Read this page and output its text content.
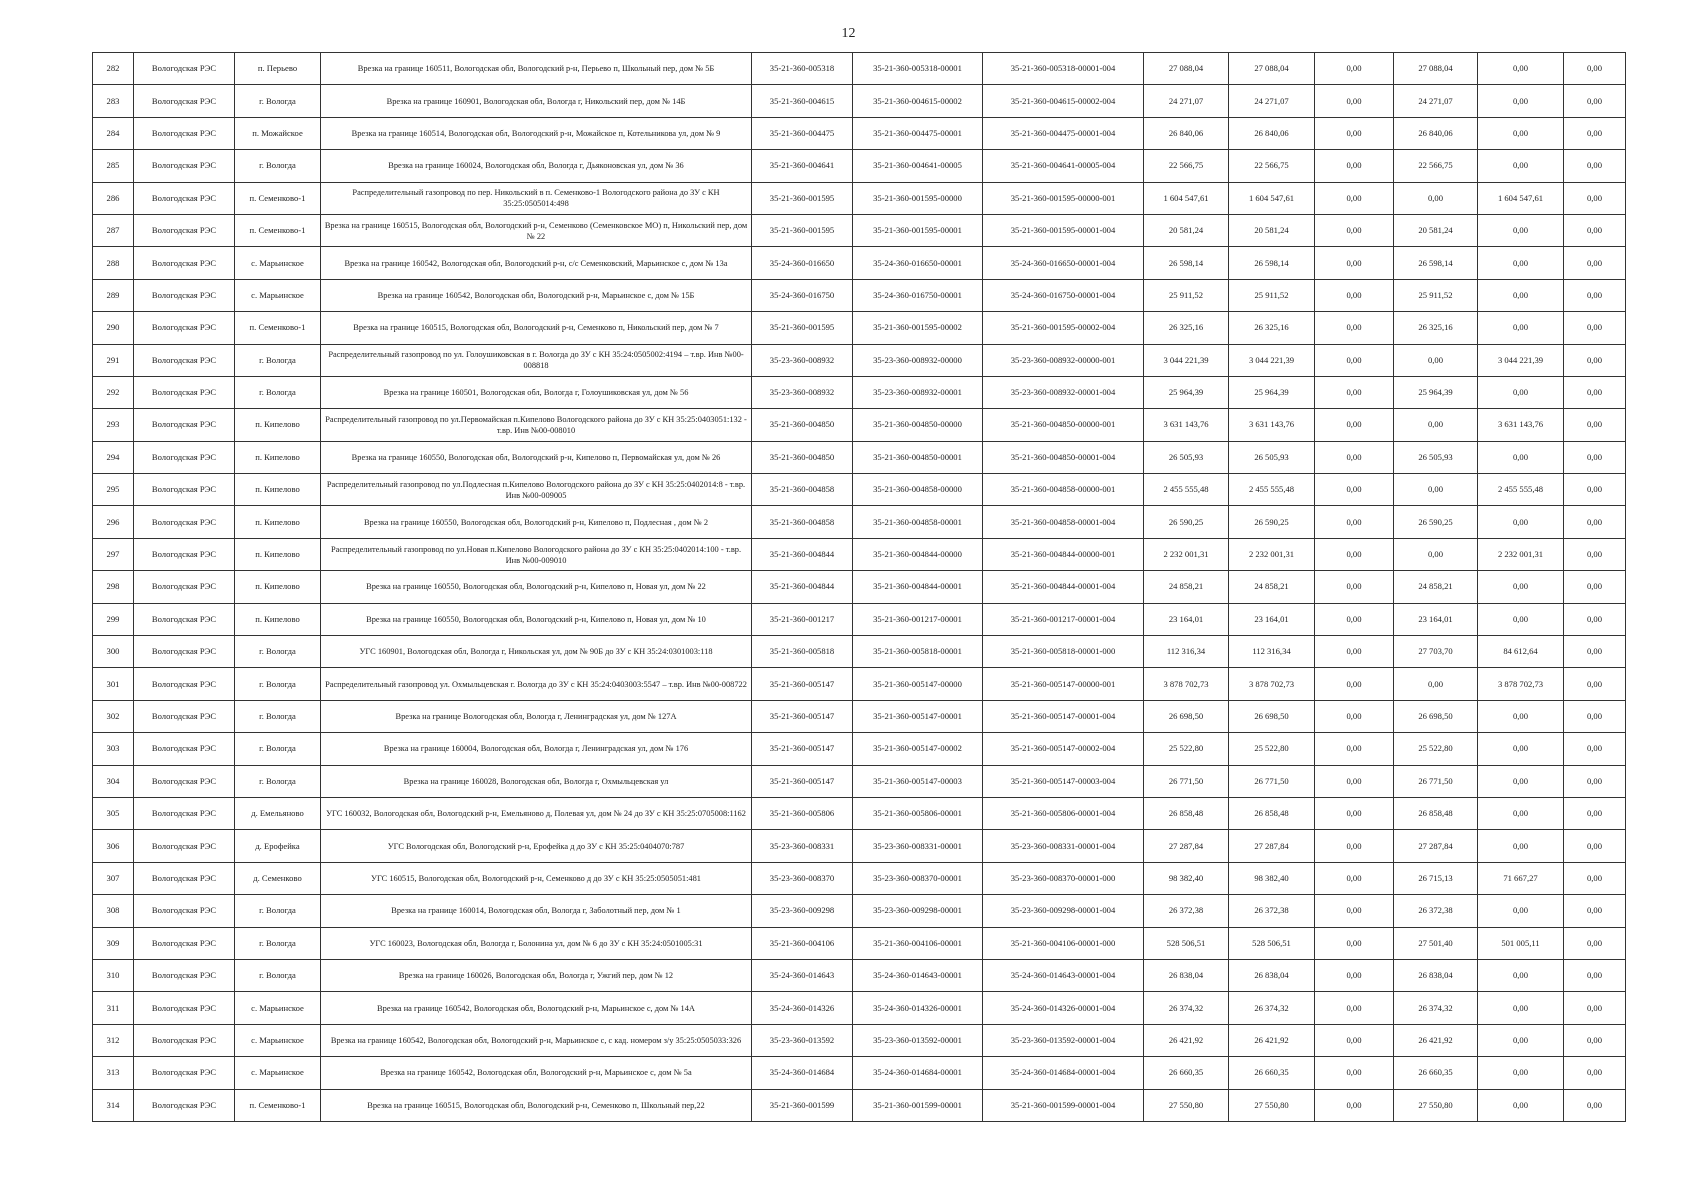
12
282	Вологодская РЭС	п. Перьево	Врезка на границе 160511, Вологодская обл, Вологодский р-н, Перьево п, Школьный пер, дом № 5Б	35-21-360-005318	35-21-360-005318-00001	35-21-360-005318-00001-004	27 088,04	27 088,04	0,00	27 088,04	0,00	0,00
283	Вологодская РЭС	г. Вологда	Врезка на границе 160901, Вологодская обл, Вологда г, Никольский пер, дом № 14Б	35-21-360-004615	35-21-360-004615-00002	35-21-360-004615-00002-004	24 271,07	24 271,07	0,00	24 271,07	0,00	0,00
284	Вологодская РЭС	п. Можайское	Врезка на границе 160514, Вологодская обл, Вологодский р-н, Можайское п, Котельникова ул, дом № 9	35-21-360-004475	35-21-360-004475-00001	35-21-360-004475-00001-004	26 840,06	26 840,06	0,00	26 840,06	0,00	0,00
285	Вологодская РЭС	г. Вологда	Врезка на границе 160024, Вологодская обл, Вологда г, Дьяконовская ул, дом № 36	35-21-360-004641	35-21-360-004641-00005	35-21-360-004641-00005-004	22 566,75	22 566,75	0,00	22 566,75	0,00	0,00
286	Вологодская РЭС	п. Семенково-1	Распределительный газопровод по пер. Никольский в п. Семенково-1 Вологодского района до ЗУ с КН 35:25:0505014:498	35-21-360-001595	35-21-360-001595-00000	35-21-360-001595-00000-001	1 604 547,61	1 604 547,61	0,00	0,00	1 604 547,61	0,00
287	Вологодская РЭС	п. Семенково-1	Врезка на границе 160515, Вологодская обл, Вологодский р-н, Семенково (Семенковское МО) п, Никольский пер, дом № 22	35-21-360-001595	35-21-360-001595-00001	35-21-360-001595-00001-004	20 581,24	20 581,24	0,00	20 581,24	0,00	0,00
288	Вологодская РЭС	с. Марьинское	Врезка на границе 160542, Вологодская обл, Вологодский р-н, с/с Семенковский, Марьинское с, дом № 13а	35-24-360-016650	35-24-360-016650-00001	35-24-360-016650-00001-004	26 598,14	26 598,14	0,00	26 598,14	0,00	0,00
289	Вологодская РЭС	с. Марьинское	Врезка на границе 160542, Вологодская обл, Вологодский р-н, Марьинское с, дом № 15Б	35-24-360-016750	35-24-360-016750-00001	35-24-360-016750-00001-004	25 911,52	25 911,52	0,00	25 911,52	0,00	0,00
290	Вологодская РЭС	п. Семенково-1	Врезка на границе 160515, Вологодская обл, Вологодский р-н, Семенково п, Никольский пер, дом № 7	35-21-360-001595	35-21-360-001595-00002	35-21-360-001595-00002-004	26 325,16	26 325,16	0,00	26 325,16	0,00	0,00
291	Вологодская РЭС	г. Вологда	Распределительный газопровод по ул. Голоушиковская в г. Вологда до ЗУ с КН 35:24:0505002:4194 – т.вр. Инв №00-008818	35-23-360-008932	35-23-360-008932-00000	35-23-360-008932-00000-001	3 044 221,39	3 044 221,39	0,00	0,00	3 044 221,39	0,00
292	Вологодская РЭС	г. Вологда	Врезка на границе 160501, Вологодская обл, Вологда г, Голоушиковская ул, дом № 56	35-23-360-008932	35-23-360-008932-00001	35-23-360-008932-00001-004	25 964,39	25 964,39	0,00	25 964,39	0,00	0,00
293	Вологодская РЭС	п. Кипелово	Распределительный газопровод по ул.Первомайская п.Кипелово Вологодского района до ЗУ с КН 35:25:0403051:132 - т.вр. Инв №00-008010	35-21-360-004850	35-21-360-004850-00000	35-21-360-004850-00000-001	3 631 143,76	3 631 143,76	0,00	0,00	3 631 143,76	0,00
294	Вологодская РЭС	п. Кипелово	Врезка на границе 160550, Вологодская обл, Вологодский р-н, Кипелово п, Первомайская ул, дом № 26	35-21-360-004850	35-21-360-004850-00001	35-21-360-004850-00001-004	26 505,93	26 505,93	0,00	26 505,93	0,00	0,00
295	Вологодская РЭС	п. Кипелово	Распределительный газопровод по ул.Подлесная п.Кипелово Вологодского района до ЗУ с КН 35:25:0402014:8 - т.вр. Инв №00-009005	35-21-360-004858	35-21-360-004858-00000	35-21-360-004858-00000-001	2 455 555,48	2 455 555,48	0,00	0,00	2 455 555,48	0,00
296	Вологодская РЭС	п. Кипелово	Врезка на границе 160550, Вологодская обл, Вологодский р-н, Кипелово п, Подлесная , дом № 2	35-21-360-004858	35-21-360-004858-00001	35-21-360-004858-00001-004	26 590,25	26 590,25	0,00	26 590,25	0,00	0,00
297	Вологодская РЭС	п. Кипелово	Распределительный газопровод по ул.Новая п.Кипелово Вологодского района до ЗУ с КН 35:25:0402014:100 - т.вр. Инв №00-009010	35-21-360-004844	35-21-360-004844-00000	35-21-360-004844-00000-001	2 232 001,31	2 232 001,31	0,00	0,00	2 232 001,31	0,00
298	Вологодская РЭС	п. Кипелово	Врезка на границе 160550, Вологодская обл, Вологодский р-н, Кипелово п, Новая ул, дом № 22	35-21-360-004844	35-21-360-004844-00001	35-21-360-004844-00001-004	24 858,21	24 858,21	0,00	24 858,21	0,00	0,00
299	Вологодская РЭС	п. Кипелово	Врезка на границе 160550, Вологодская обл, Вологодский р-н, Кипелово п, Новая ул, дом № 10	35-21-360-001217	35-21-360-001217-00001	35-21-360-001217-00001-004	23 164,01	23 164,01	0,00	23 164,01	0,00	0,00
300	Вологодская РЭС	г. Вологда	УГС 160901, Вологодская обл, Вологда г, Никольская ул, дом № 90Б до ЗУ с КН 35:24:0301003:118	35-21-360-005818	35-21-360-005818-00001	35-21-360-005818-00001-000	112 316,34	112 316,34	0,00	27 703,70	84 612,64	0,00
301	Вологодская РЭС	г. Вологда	Распределительный газопровод ул. Охмыльцевская г. Вологда до ЗУ с КН 35:24:0403003:5547 – т.вр. Инв №00-008722	35-21-360-005147	35-21-360-005147-00000	35-21-360-005147-00000-001	3 878 702,73	3 878 702,73	0,00	0,00	3 878 702,73	0,00
302	Вологодская РЭС	г. Вологда	Врезка на границе Вологодская обл, Вологда г, Ленинградская ул, дом № 127А	35-21-360-005147	35-21-360-005147-00001	35-21-360-005147-00001-004	26 698,50	26 698,50	0,00	26 698,50	0,00	0,00
303	Вологодская РЭС	г. Вологда	Врезка на границе 160004, Вологодская обл, Вологда г, Ленинградская ул, дом № 176	35-21-360-005147	35-21-360-005147-00002	35-21-360-005147-00002-004	25 522,80	25 522,80	0,00	25 522,80	0,00	0,00
304	Вологодская РЭС	г. Вологда	Врезка на границе 160028, Вологодская обл, Вологда г, Охмыльцевская ул	35-21-360-005147	35-21-360-005147-00003	35-21-360-005147-00003-004	26 771,50	26 771,50	0,00	26 771,50	0,00	0,00
305	Вологодская РЭС	д. Емельяново	УГС 160032, Вологодская обл, Вологодский р-н, Емельяново д, Полевая ул, дом № 24 до ЗУ с КН 35:25:0705008:1162	35-21-360-005806	35-21-360-005806-00001	35-21-360-005806-00001-004	26 858,48	26 858,48	0,00	26 858,48	0,00	0,00
306	Вологодская РЭС	д. Ерофейка	УГС Вологодская обл, Вологодский р-н, Ерофейка д до ЗУ с КН 35:25:0404070:787	35-23-360-008331	35-23-360-008331-00001	35-23-360-008331-00001-004	27 287,84	27 287,84	0,00	27 287,84	0,00	0,00
307	Вологодская РЭС	д. Семенково	УГС 160515, Вологодская обл, Вологодский р-н, Семенково д до ЗУ с КН 35:25:0505051:481	35-23-360-008370	35-23-360-008370-00001	35-23-360-008370-00001-000	98 382,40	98 382,40	0,00	26 715,13	71 667,27	0,00
308	Вологодская РЭС	г. Вологда	Врезка на границе 160014, Вологодская обл, Вологда г, Заболотный пер, дом № 1	35-23-360-009298	35-23-360-009298-00001	35-23-360-009298-00001-004	26 372,38	26 372,38	0,00	26 372,38	0,00	0,00
309	Вологодская РЭС	г. Вологда	УГС 160023, Вологодская обл, Вологда г, Болонина ул, дом № 6 до ЗУ с КН 35:24:0501005:31	35-21-360-004106	35-21-360-004106-00001	35-21-360-004106-00001-000	528 506,51	528 506,51	0,00	27 501,40	501 005,11	0,00
310	Вологодская РЭС	г. Вологда	Врезка на границе 160026, Вологодская обл, Вологда г, Ужгий пер, дом № 12	35-24-360-014643	35-24-360-014643-00001	35-24-360-014643-00001-004	26 838,04	26 838,04	0,00	26 838,04	0,00	0,00
311	Вологодская РЭС	с. Марьинское	Врезка на границе 160542, Вологодская обл, Вологодский р-н, Марьинское с, дом № 14А	35-24-360-014326	35-24-360-014326-00001	35-24-360-014326-00001-004	26 374,32	26 374,32	0,00	26 374,32	0,00	0,00
312	Вологодская РЭС	с. Марьинское	Врезка на границе 160542, Вологодская обл, Вологодский р-н, Марьинское с, с кад. номером з/у 35:25:0505033:326	35-23-360-013592	35-23-360-013592-00001	35-23-360-013592-00001-004	26 421,92	26 421,92	0,00	26 421,92	0,00	0,00
313	Вологодская РЭС	с. Марьинское	Врезка на границе 160542, Вологодская обл, Вологодский р-н, Марьинское с, дом № 5а	35-24-360-014684	35-24-360-014684-00001	35-24-360-014684-00001-004	26 660,35	26 660,35	0,00	26 660,35	0,00	0,00
314	Вологодская РЭС	п. Семенково-1	Врезка на границе 160515, Вологодская обл, Вологодский р-н, Семенково п, Школьный пер,22	35-21-360-001599	35-21-360-001599-00001	35-21-360-001599-00001-004	27 550,80	27 550,80	0,00	27 550,80	0,00	0,00
